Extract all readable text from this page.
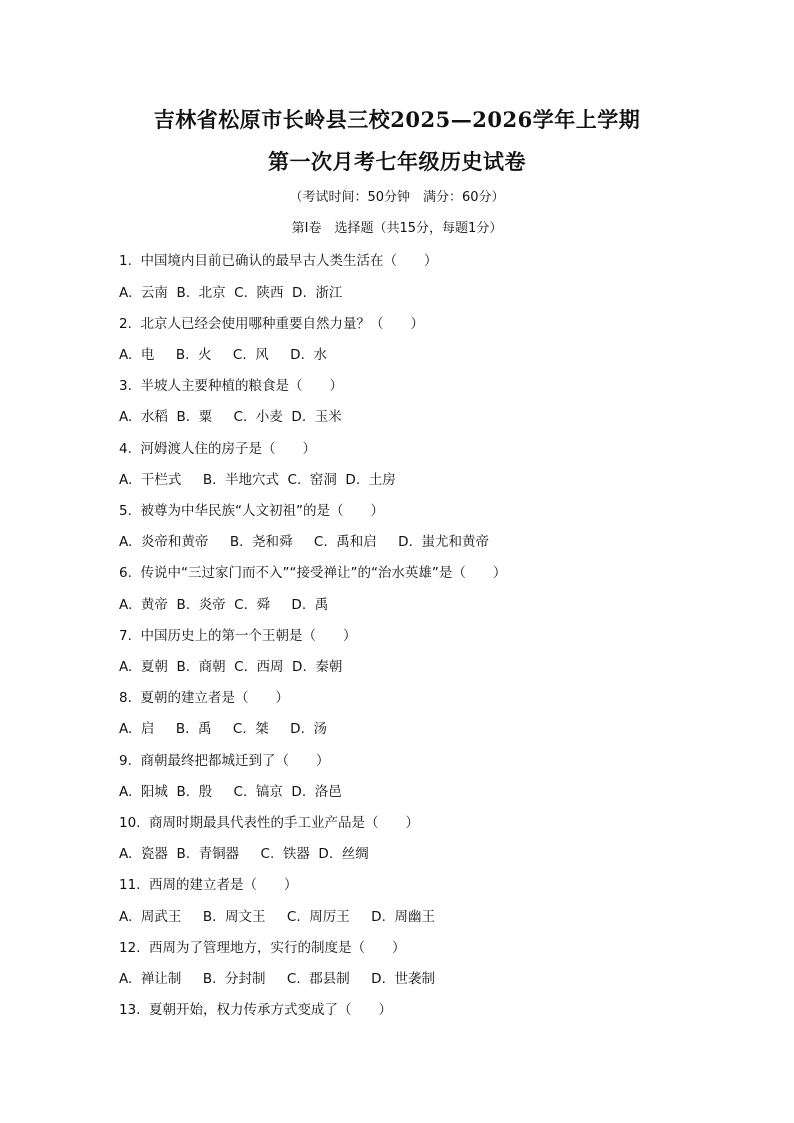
吉林省松原市长岭县三校2025—2026学年上学期
第一次月考七年级历史试卷
（考试时间：50分钟　满分：60分）
第Ⅰ卷　选择题（共15分，每题1分）
1.  中国境内目前已确认的最早古人类生活在（　　）
A.  云南  B.  北京  C.  陕西  D.  浙江
2.  北京人已经会使用哪种重要自然力量？（　　）
A.  电     B.  火     C.  风     D.  水
3.  半坡人主要种植的粮食是（　　）
A.  水稻  B.  粟     C.  小麦  D.  玉米
4.  河姆渡人住的房子是（　　）
A.  干栏式     B.  半地穴式  C.  窑洞  D.  土房
5.  被尊为中华民族“人文初祖”的是（　　）
A.  炎帝和黄帝     B.  尧和舜     C.  禹和启     D.  蚩尤和黄帝
6.  传说中“三过家门而不入”“接受禅让”的“治水英雄”是（　　）
A.  黄帝  B.  炎帝  C.  舜     D.  禹
7.  中国历史上的第一个王朝是（　　）
A.  夏朝  B.  商朝  C.  西周  D.  秦朝
8.  夏朝的建立者是（　　）
A.  启     B.  禹     C.  桀     D.  汤
9.  商朝最终把都城迁到了（　　）
A.  阳城  B.  殷     C.  镐京  D.  洛邑
10.  商周时期最具代表性的手工业产品是（　　）
A.  瓷器  B.  青铜器     C.  铁器  D.  丝绸
11.  西周的建立者是（　　）
A.  周武王     B.  周文王     C.  周厉王     D.  周幽王
12.  西周为了管理地方，实行的制度是（　　）
A.  禅让制     B.  分封制     C.  郡县制     D.  世袭制
13.  夏朝开始，权力传承方式变成了（　　）
